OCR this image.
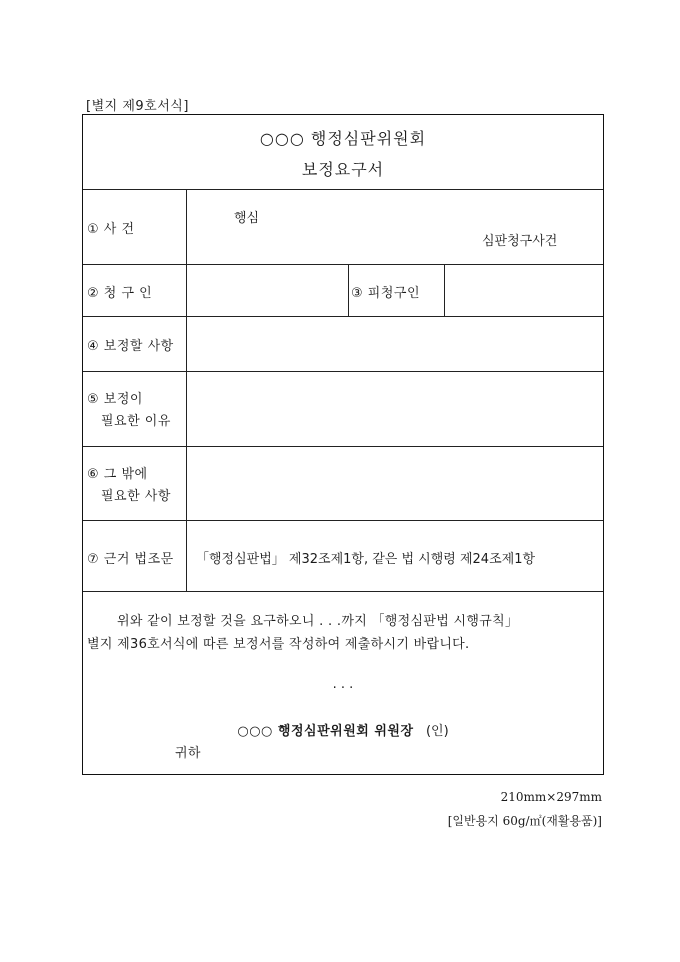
[별지 제9호서식]
○○○ 행정심판위원회
보정요구서
① 사 건
행심
심판청구사건
② 청 구 인	③ 피청구인
④ 보정할 사항
⑤ 보정이
필요한 이유
⑥ 그 밖에
필요한 사항
⑦ 근거 법조문 「행정심판법」 제32조제1항, 같은 법 시행령 제24조제1항
위와 같이 보정할 것을 요구하오니 . . .까지 「행정심판법 시행규칙」
별지 제36호서식에 따른 보정서를 작성하여 제출하시기 바랍니다.
. . .
○○○ 행정심판위원회 위원장 (인)
귀하
210mm×297mm
[일반용지 60g/㎡(재활용품)]
